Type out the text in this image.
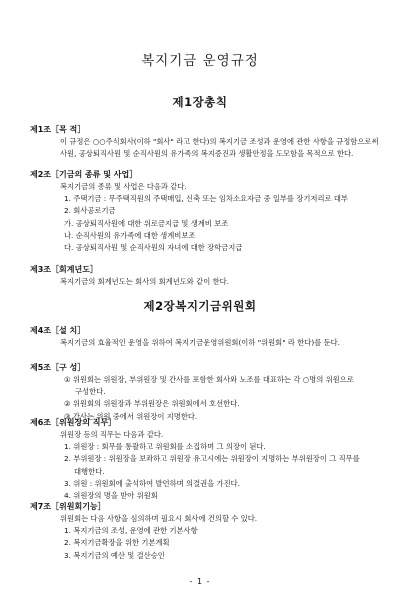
복지기금 운영규정
제1장총칙
제1조［목 적］
이 규정은 ○○주식회사(이하 "회사" 라고 한다)의 복지기금 조성과 운영에 관한 사항을 규정함으로써 사원, 공상퇴직사원 및 순직사원의 유가족의 복지증진과 생활안정을 도모함을 목적으로 한다.
제2조［기금의 종류 및 사업］
복지기금의 종류 및 사업은 다음과 같다.
1. 주택기금 : 무주택직원의 주택매입, 신축 또는 임차소요자금 중 일부를 장기저리로 대부
2. 회사공로기금
가. 공상퇴직사원에 대한 위로금지급 및 생계비 보조
나. 순직사원의 유가족에 대한 생계비보조
다. 공상퇴직사원 및 순직사원의 자녀에 대한 장학금지급
제3조［회계년도］
복지기금의 회계년도는 회사의 회계년도와 같이 한다.
제2장복지기금위원회
제4조［설 치］
복지기금의 효율적인 운영을 위하여 복지기금운영위원회(이하 "위원회" 라 한다)를 둔다.
제5조［구 성］
① 위원회는 위원장, 부위원장 및 간사를 포함한 회사와 노조를 대표하는 각 ○명의 위원으로 구성한다.
② 위원회의 위원장과 부위원장은 위원회에서 호선한다.
③ 간사는 위원 중에서 위원장이 지명한다.
제6조［위원장의 직무］
위원장 등의 직무는 다음과 같다.
1. 위원장 : 회무를 통괄하고 위원회를 소집하며 그 의장이 된다.
2. 부위원장 : 위원장을 보좌하고 위원장 유고시에는 위원장이 지명하는 부위원장이 그 직무를 대행한다.
3. 위원 : 위원회에 출석하여 발언하며 의결권을 가진다.
4. 위원장의 명을 받아 위원회
제7조［위원회기능］
위원회는 다음 사항을 심의하며 필요시 회사에 건의할 수 있다.
1. 복지기금의 조성, 운영에 관한 기본사항
2. 복지기금확장을 위한 기본계획
3. 복지기금의 예산 및 결산승인
- 1 -
